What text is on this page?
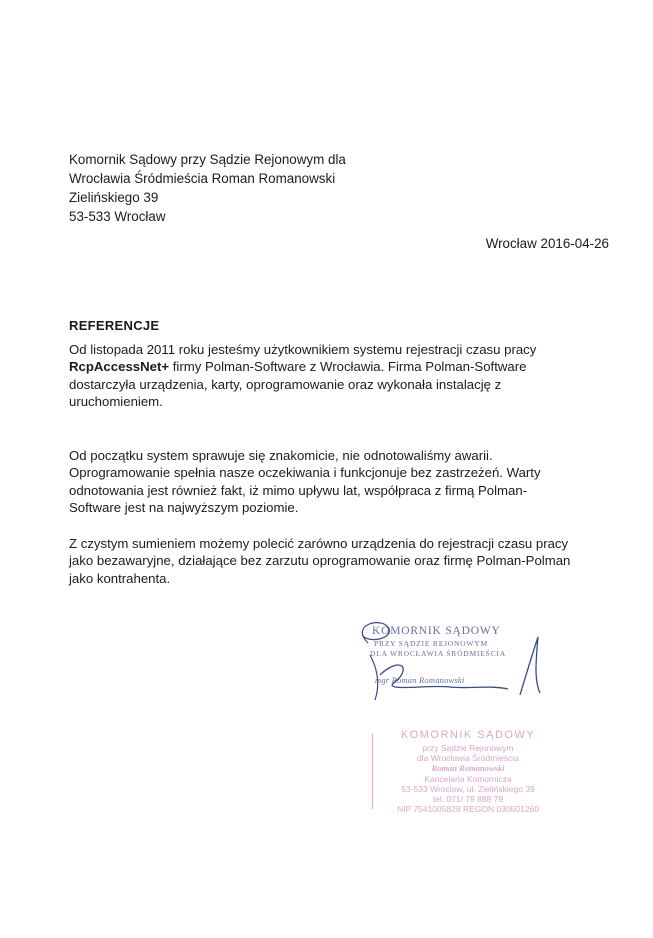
Komornik Sądowy przy Sądzie Rejonowym dla
Wrocławia Śródmieścia Roman Romanowski
Zielińskiego 39
53-533 Wrocław
Wrocław 2016-04-26
REFERENCJE
Od listopada 2011 roku jesteśmy użytkownikiem systemu rejestracji czasu pracy
RcpAccessNet+ firmy Polman-Software z Wrocławia. Firma Polman-Software
dostarczyła urządzenia, karty, oprogramowanie oraz wykonała instalację z
uruchomieniem.
Od początku system sprawuje się znakomicie, nie odnotowaliśmy awarii.
Oprogramowanie spełnia nasze oczekiwania i funkcjonuje bez zastrzeżeń. Warty
odnotowania jest również fakt, iż mimo upływu lat, współpraca z firmą Polman-
Software jest na najwyższym poziomie.
Z czystym sumieniem możemy polecić zarówno urządzenia do rejestracji czasu pracy
jako bezawaryjne, działające bez zarzutu oprogramowanie oraz firmę Polman-Polman
jako kontrahenta.
KOMORNIK SĄDOWY
PRZY SĄDZIE REJONOWYM
DLA WROCŁAWIA ŚRÓDMIEŚCIA
mgr Roman Romanowski
KOMORNIK SĄDOWY
przy Sądzie Rejonowym
dla Wrocławia Śródmieścia
Roman Romanowski
Kancelaria Komornicza
53-533 Wrocław, ul. Zielińskiego 39
tel. 071/ 79 888 79
NIP 7541005828 REGON 030501260
